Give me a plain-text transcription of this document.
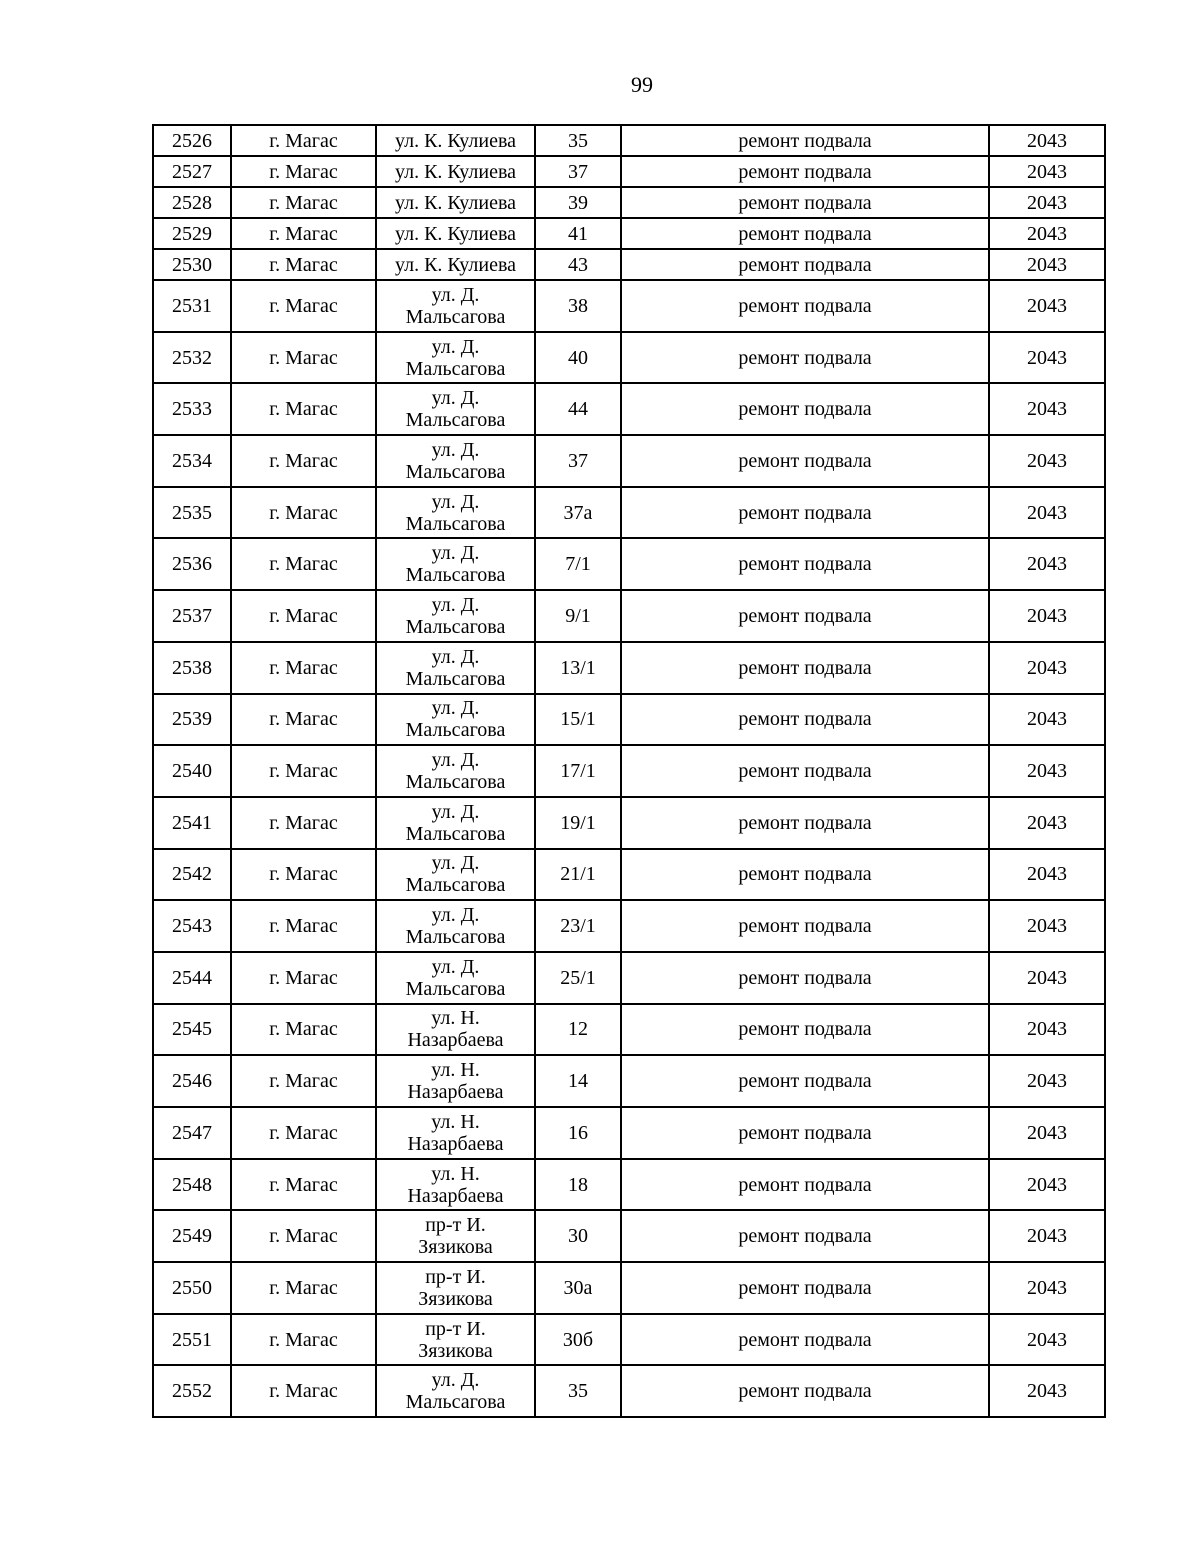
99
2526	г. Магас	ул. К. Кулиева	35	ремонт подвала	2043
2527	г. Магас	ул. К. Кулиева	37	ремонт подвала	2043
2528	г. Магас	ул. К. Кулиева	39	ремонт подвала	2043
2529	г. Магас	ул. К. Кулиева	41	ремонт подвала	2043
2530	г. Магас	ул. К. Кулиева	43	ремонт подвала	2043
2531	г. Магас	ул. Д.
Мальсагова	38	ремонт подвала	2043
2532	г. Магас	ул. Д.
Мальсагова	40	ремонт подвала	2043
2533	г. Магас	ул. Д.
Мальсагова	44	ремонт подвала	2043
2534	г. Магас	ул. Д.
Мальсагова	37	ремонт подвала	2043
2535	г. Магас	ул. Д.
Мальсагова	37а	ремонт подвала	2043
2536	г. Магас	ул. Д.
Мальсагова	7/1	ремонт подвала	2043
2537	г. Магас	ул. Д.
Мальсагова	9/1	ремонт подвала	2043
2538	г. Магас	ул. Д.
Мальсагова	13/1	ремонт подвала	2043
2539	г. Магас	ул. Д.
Мальсагова	15/1	ремонт подвала	2043
2540	г. Магас	ул. Д.
Мальсагова	17/1	ремонт подвала	2043
2541	г. Магас	ул. Д.
Мальсагова	19/1	ремонт подвала	2043
2542	г. Магас	ул. Д.
Мальсагова	21/1	ремонт подвала	2043
2543	г. Магас	ул. Д.
Мальсагова	23/1	ремонт подвала	2043
2544	г. Магас	ул. Д.
Мальсагова	25/1	ремонт подвала	2043
2545	г. Магас	ул. Н.
Назарбаева	12	ремонт подвала	2043
2546	г. Магас	ул. Н.
Назарбаева	14	ремонт подвала	2043
2547	г. Магас	ул. Н.
Назарбаева	16	ремонт подвала	2043
2548	г. Магас	ул. Н.
Назарбаева	18	ремонт подвала	2043
2549	г. Магас	пр-т И.
Зязикова	30	ремонт подвала	2043
2550	г. Магас	пр-т И.
Зязикова	30а	ремонт подвала	2043
2551	г. Магас	пр-т И.
Зязикова	30б	ремонт подвала	2043
2552	г. Магас	ул. Д.
Мальсагова	35	ремонт подвала	2043
